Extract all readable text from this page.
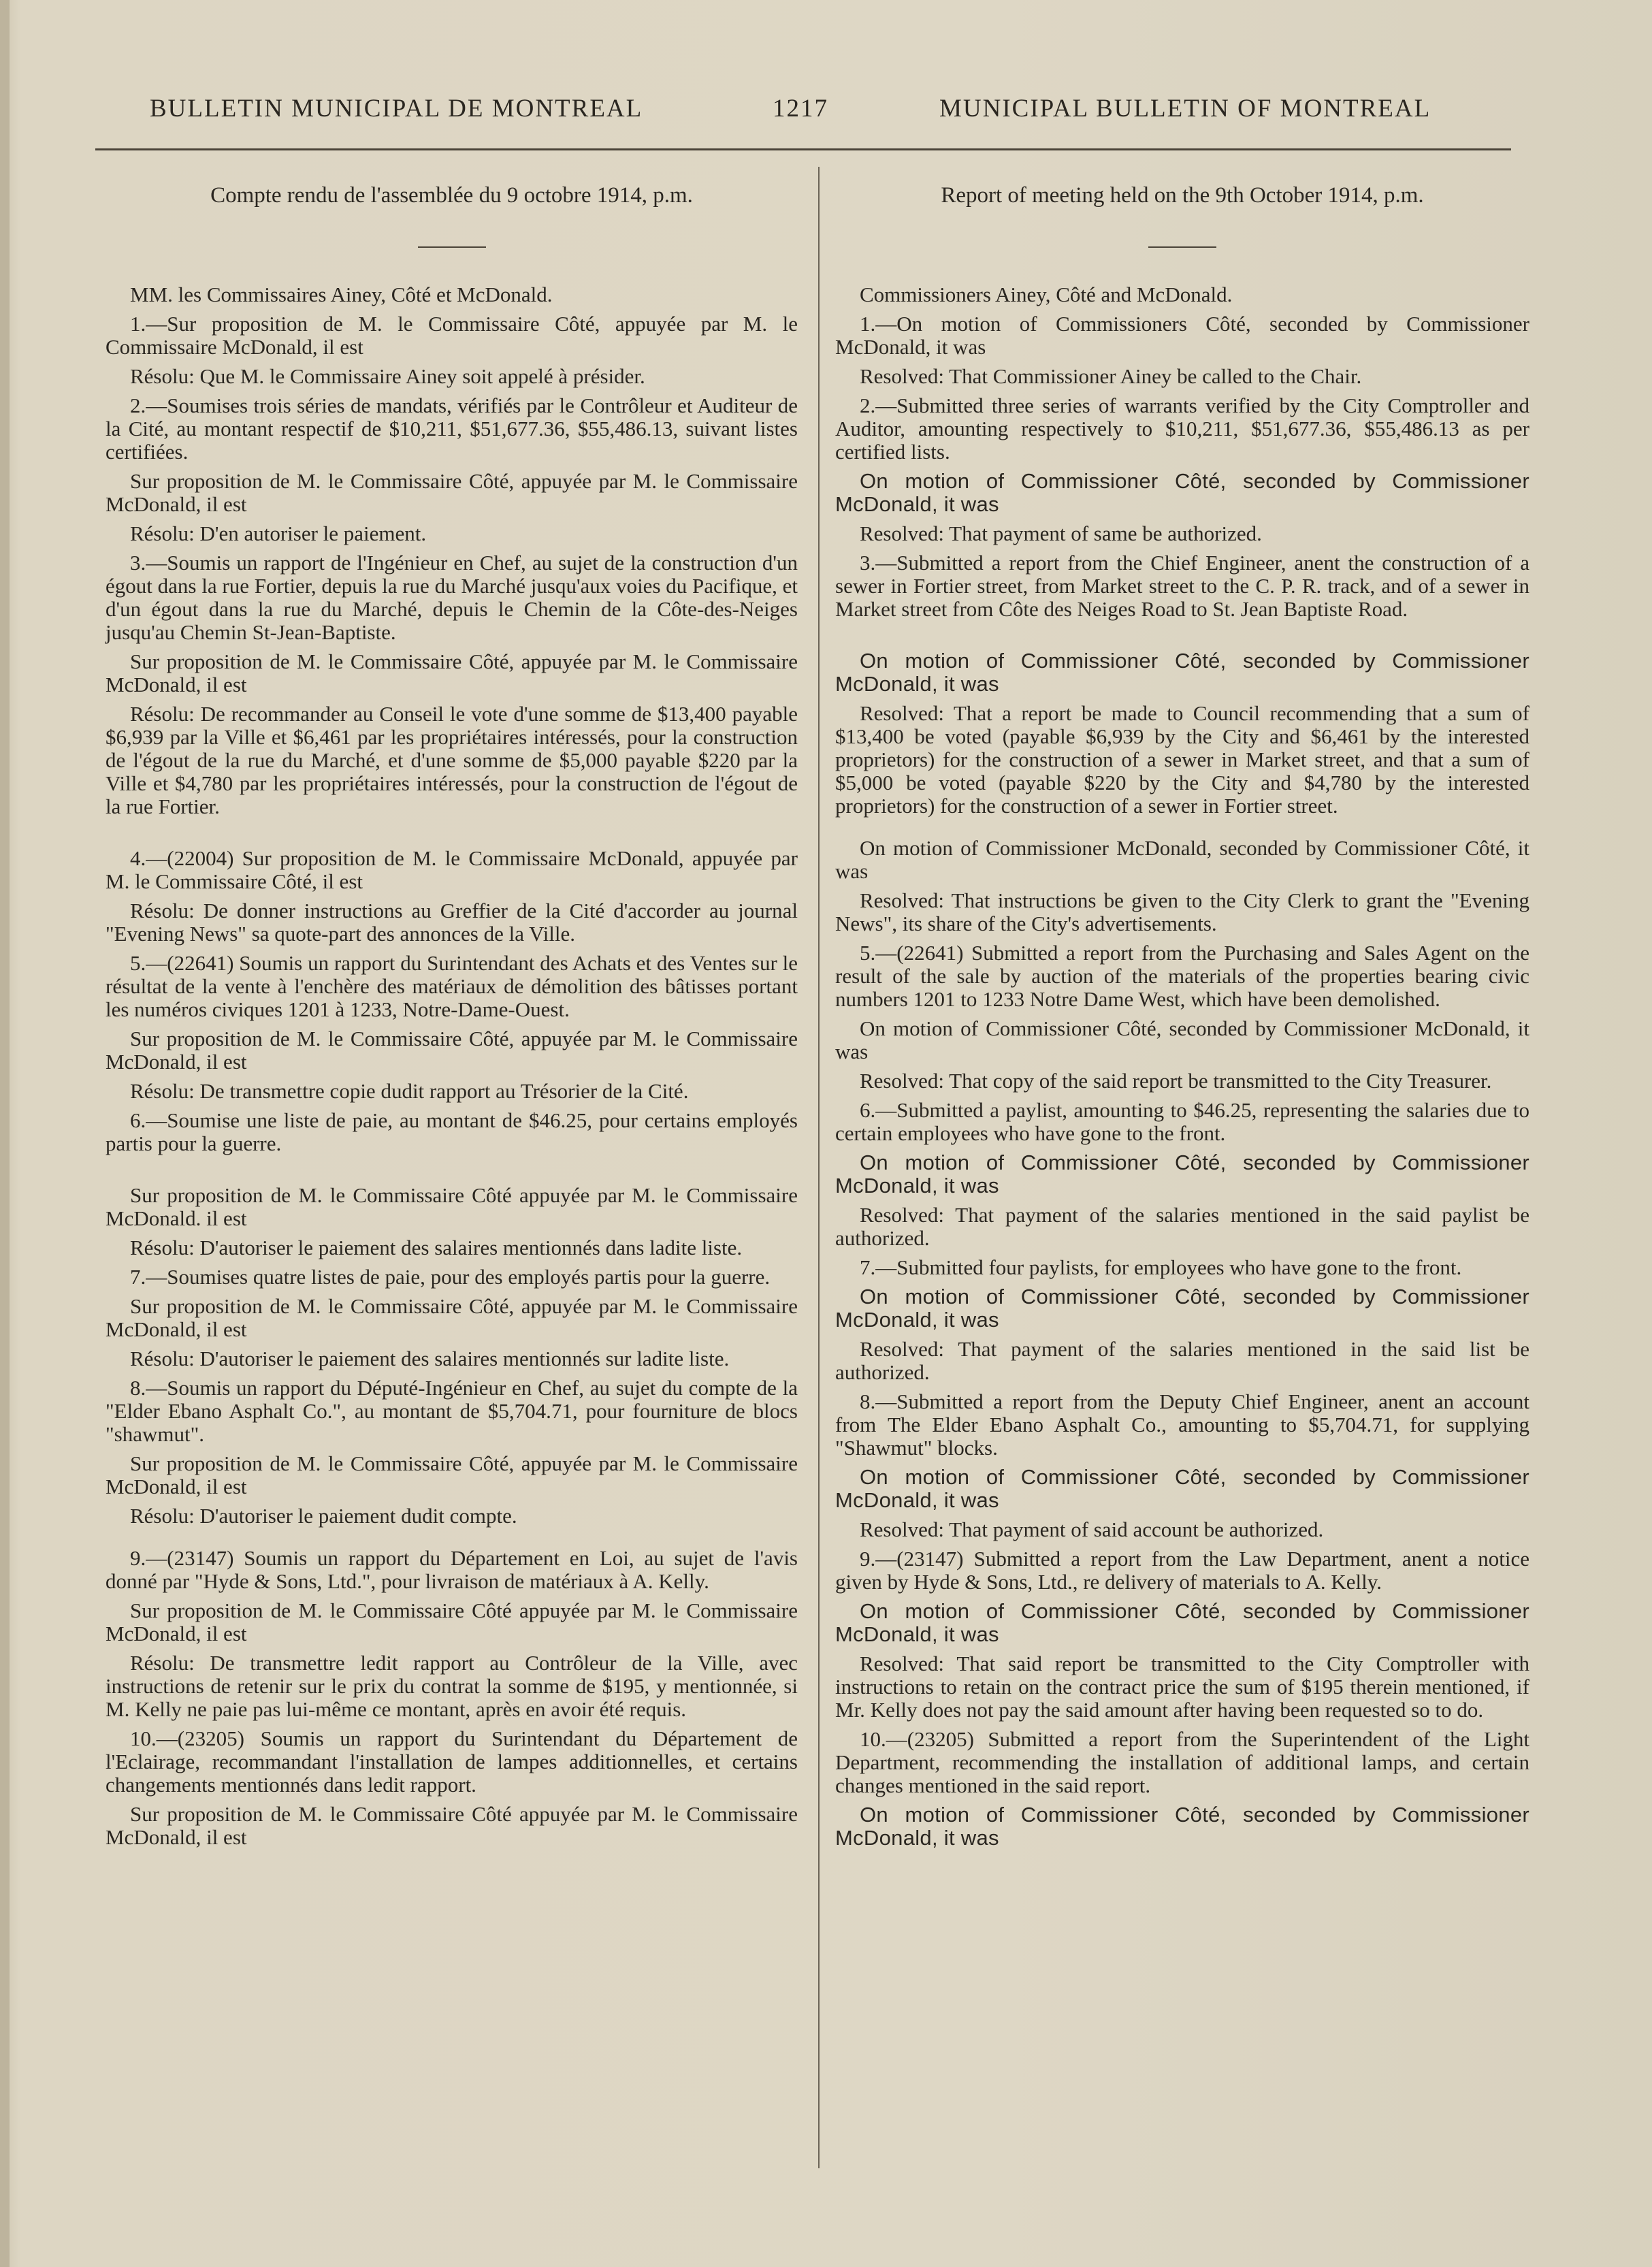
BULLETIN MUNICIPAL DE MONTREAL	1217	MUNICIPAL BULLETIN OF MONTREAL
Compte rendu de l'assemblée du 9 octobre 1914, p.m.

MM. les Commissaires Ainey, Côté et McDonald.

1.—Sur proposition de M. le Commissaire Côté, appuyée par M. le Commissaire McDonald, il est

Résolu: Que M. le Commissaire Ainey soit appelé à présider.

2.—Soumises trois séries de mandats, vérifiés par le Contrôleur et Auditeur de la Cité, au montant respectif de $10,211, $51,677.36, $55,486.13, suivant listes certifiées.

Sur proposition de M. le Commissaire Côté, appuyée par M. le Commissaire McDonald, il est

Résolu: D'en autoriser le paiement.

3.—Soumis un rapport de l'Ingénieur en Chef, au sujet de la construction d'un égout dans la rue Fortier, depuis la rue du Marché jusqu'aux voies du Pacifique, et d'un égout dans la rue du Marché, depuis le Chemin de la Côte-des-Neiges jusqu'au Chemin St-Jean-Baptiste.

Sur proposition de M. le Commissaire Côté, appuyée par M. le Commissaire McDonald, il est

Résolu: De recommander au Conseil le vote d'une somme de $13,400 payable $6,939 par la Ville et $6,461 par les propriétaires intéressés, pour la construction de l'égout de la rue du Marché, et d'une somme de $5,000 payable $220 par la Ville et $4,780 par les propriétaires intéressés, pour la construction de l'égout de la rue Fortier.

4.—(22004) Sur proposition de M. le Commissaire McDonald, appuyée par M. le Commissaire Côté, il est

Résolu: De donner instructions au Greffier de la Cité d'accorder au journal "Evening News" sa quote-part des annonces de la Ville.

5.—(22641) Soumis un rapport du Surintendant des Achats et des Ventes sur le résultat de la vente à l'enchère des matériaux de démolition des bâtisses portant les numéros civiques 1201 à 1233, Notre-Dame-Ouest.

Sur proposition de M. le Commissaire Côté, appuyée par M. le Commissaire McDonald, il est

Résolu: De transmettre copie dudit rapport au Trésorier de la Cité.

6.—Soumise une liste de paie, au montant de $46.25, pour certains employés partis pour la guerre.

Sur proposition de M. le Commissaire Côté appuyée par M. le Commissaire McDonald. il est

Résolu: D'autoriser le paiement des salaires mentionnés dans ladite liste.

7.—Soumises quatre listes de paie, pour des employés partis pour la guerre.

Sur proposition de M. le Commissaire Côté, appuyée par M. le Commissaire McDonald, il est

Résolu: D'autoriser le paiement des salaires mentionnés sur ladite liste.

8.—Soumis un rapport du Député-Ingénieur en Chef, au sujet du compte de la "Elder Ebano Asphalt Co.", au montant de $5,704.71, pour fourniture de blocs "shawmut".

Sur proposition de M. le Commissaire Côté, appuyée par M. le Commissaire McDonald, il est

Résolu: D'autoriser le paiement dudit compte.

9.—(23147) Soumis un rapport du Département en Loi, au sujet de l'avis donné par "Hyde & Sons, Ltd.", pour livraison de matériaux à A. Kelly.

Sur proposition de M. le Commissaire Côté appuyée par M. le Commissaire McDonald, il est

Résolu: De transmettre ledit rapport au Contrôleur de la Ville, avec instructions de retenir sur le prix du contrat la somme de $195, y mentionnée, si M. Kelly ne paie pas lui-même ce montant, après en avoir été requis.

10.—(23205) Soumis un rapport du Surintendant du Département de l'Eclairage, recommandant l'installation de lampes additionnelles, et certains changements mentionnés dans ledit rapport.

Sur proposition de M. le Commissaire Côté appuyée par M. le Commissaire McDonald, il est

Report of meeting held on the 9th October 1914, p.m.

Commissioners Ainey, Côté and McDonald.

1.—On motion of Commissioners Côté, seconded by Commissioner McDonald, it was

Resolved: That Commissioner Ainey be called to the Chair.

2.—Submitted three series of warrants verified by the City Comptroller and Auditor, amounting respectively to $10,211, $51,677.36, $55,486.13 as per certified lists.

On motion of Commissioner Côté, seconded by Commissioner McDonald, it was

Resolved: That payment of same be authorized.

3.—Submitted a report from the Chief Engineer, anent the construction of a sewer in Fortier street, from Market street to the C. P. R. track, and of a sewer in Market street from Côte des Neiges Road to St. Jean Baptiste Road.

On motion of Commissioner Côté, seconded by Commissioner McDonald, it was

Resolved: That a report be made to Council recommending that a sum of $13,400 be voted (payable $6,939 by the City and $6,461 by the interested proprietors) for the construction of a sewer in Market street, and that a sum of $5,000 be voted (payable $220 by the City and $4,780 by the interested proprietors) for the construction of a sewer in Fortier street.

On motion of Commissioner McDonald, seconded by Commissioner Côté, it was

Resolved: That instructions be given to the City Clerk to grant the "Evening News", its share of the City's advertisements.

5.—(22641) Submitted a report from the Purchasing and Sales Agent on the result of the sale by auction of the materials of the properties bearing civic numbers 1201 to 1233 Notre Dame West, which have been demolished.

On motion of Commissioner Côté, seconded by Commissioner McDonald, it was

Resolved: That copy of the said report be transmitted to the City Treasurer.

6.—Submitted a paylist, amounting to $46.25, representing the salaries due to certain employees who have gone to the front.

On motion of Commissioner Côté, seconded by Commissioner McDonald, it was

Resolved: That payment of the salaries mentioned in the said paylist be authorized.

7.—Submitted four paylists, for employees who have gone to the front.

On motion of Commissioner Côté, seconded by Commissioner McDonald, it was

Resolved: That payment of the salaries mentioned in the said list be authorized.

8.—Submitted a report from the Deputy Chief Engineer, anent an account from The Elder Ebano Asphalt Co., amounting to $5,704.71, for supplying "Shawmut" blocks.

On motion of Commissioner Côté, seconded by Commissioner McDonald, it was

Resolved: That payment of said account be authorized.

9.—(23147) Submitted a report from the Law Department, anent a notice given by Hyde & Sons, Ltd., re delivery of materials to A. Kelly.

On motion of Commissioner Côté, seconded by Commissioner McDonald, it was

Resolved: That said report be transmitted to the City Comptroller with instructions to retain on the contract price the sum of $195 therein mentioned, if Mr. Kelly does not pay the said amount after having been requested so to do.

10.—(23205) Submitted a report from the Superintendent of the Light Department, recommending the installation of additional lamps, and certain changes mentioned in the said report.

On motion of Commissioner Côté, seconded by Commissioner McDonald, it was
